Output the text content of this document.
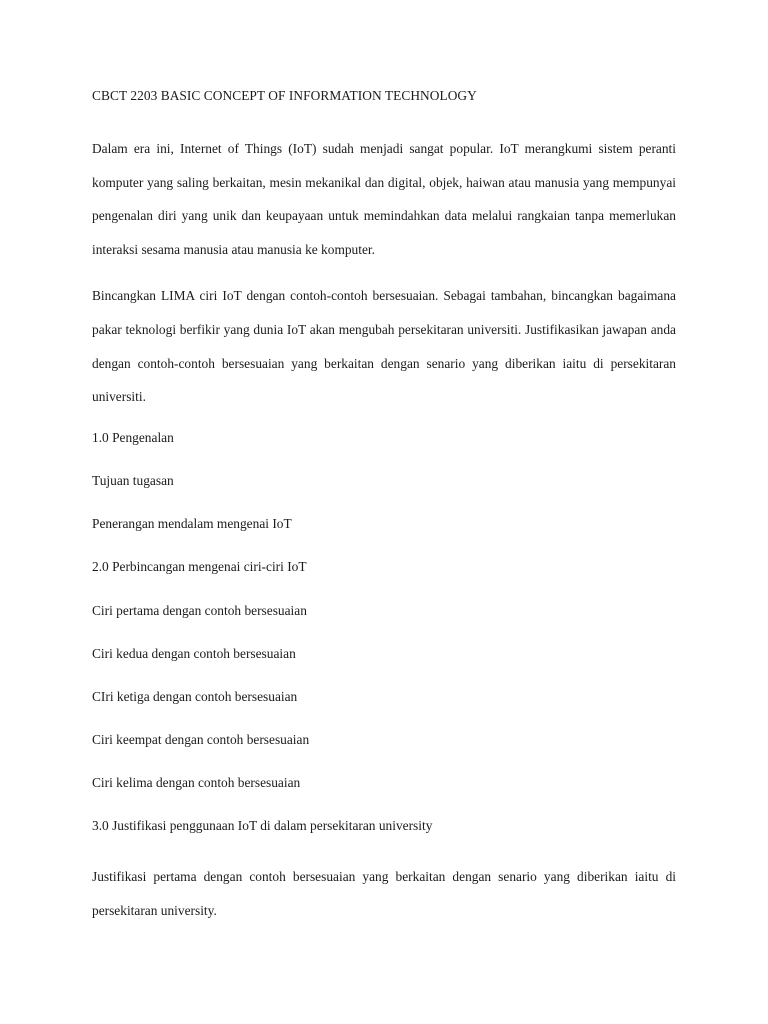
CBCT 2203 BASIC CONCEPT OF INFORMATION TECHNOLOGY

Dalam era ini, Internet of Things (IoT) sudah menjadi sangat popular. IoT merangkumi sistem peranti komputer yang saling berkaitan, mesin mekanikal dan digital, objek, haiwan atau manusia yang mempunyai pengenalan diri yang unik dan keupayaan untuk memindahkan data melalui rangkaian tanpa memerlukan interaksi sesama manusia atau manusia ke komputer.

Bincangkan LIMA ciri IoT dengan contoh-contoh bersesuaian. Sebagai tambahan, bincangkan bagaimana pakar teknologi berfikir yang dunia IoT akan mengubah persekitaran universiti. Justifikasikan jawapan anda dengan contoh-contoh bersesuaian yang berkaitan dengan senario yang diberikan iaitu di persekitaran universiti.

1.0 Pengenalan

Tujuan tugasan

Penerangan mendalam mengenai IoT

2.0 Perbincangan mengenai ciri-ciri IoT

Ciri pertama dengan contoh bersesuaian

Ciri kedua dengan contoh bersesuaian

CIri ketiga dengan contoh bersesuaian

Ciri keempat dengan contoh bersesuaian

Ciri kelima dengan contoh bersesuaian

3.0 Justifikasi penggunaan IoT di dalam persekitaran university

Justifikasi pertama dengan contoh bersesuaian yang berkaitan dengan senario yang diberikan iaitu di persekitaran university.
